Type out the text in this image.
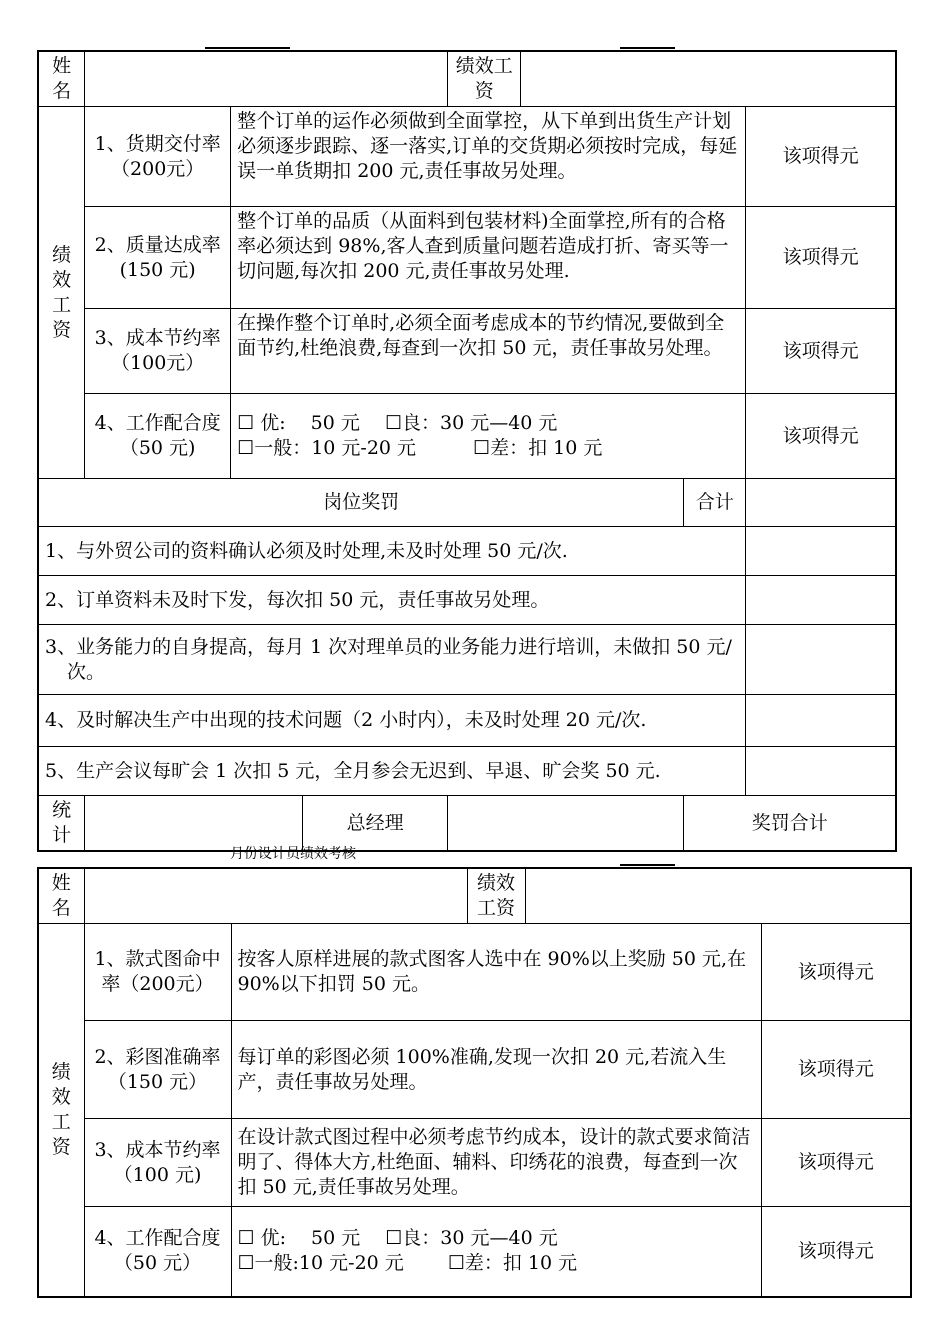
姓名				绩效工资			
绩效工资	1、货期交付率（200元）	整个订单的运作必须做到全面掌控，从下单到出货生产计划必须逐步跟踪、逐一落实,订单的交货期必须按时完成，每延误一单货期扣 200 元,责任事故另处理。					该项得元
	2、质量达成率(150 元)	整个订单的品质（从面料到包装材料)全面掌控,所有的合格率必须达到 98%,客人查到质量问题若造成打折、寄买等一切问题,每次扣 200 元,责任事故另处理.					该项得元
	3、成本节约率（100元）	在操作整个订单时,必须全面考虑成本的节约情况,要做到全面节约,杜绝浪费,每查到一次扣 50 元，责任事故另处理。					该项得元
	4、工作配合度（50 元)	☐ 优:　 50 元　 ☐良：30 元—40 元
☐一般：10 元-20 元　　　☐差：扣 10 元					该项得元
岗位奖罚						合计	
1、与外贸公司的资料确认必须及时处理,未及时处理 50 元/次.							
2、订单资料未及时下发，每次扣 50 元，责任事故另处理。							
3、业务能力的自身提高，每月 1 次对理单员的业务能力进行培训，未做扣 50 元/次。							
4、及时解决生产中出现的技术问题（2 小时内），未及时处理 20 元/次.							
5、生产会议每旷会 1 次扣 5 元，全月参会无迟到、早退、旷会奖 50 元.							
统计			总经理			奖罚合计	
月份设计员绩效考核
姓名			绩效工资		
绩效工资	1、款式图命中率（200元）	按客人原样进展的款式图客人选中在 90%以上奖励 50 元,在 90%以下扣罚 50 元。			该项得元
	2、彩图准确率（150 元）	每订单的彩图必须 100%准确,发现一次扣 20 元,若流入生产，责任事故另处理。			该项得元
	3、成本节约率（100 元)	在设计款式图过程中必须考虑节约成本，设计的款式要求简洁明了、得体大方,杜绝面、辅料、印绣花的浪费，每查到一次扣 50 元,责任事故另处理。			该项得元
	4、工作配合度（50 元）	☐ 优:　 50 元　 ☐良：30 元—40 元
☐一般:10 元-20 元　　 ☐差：扣 10 元			该项得元
